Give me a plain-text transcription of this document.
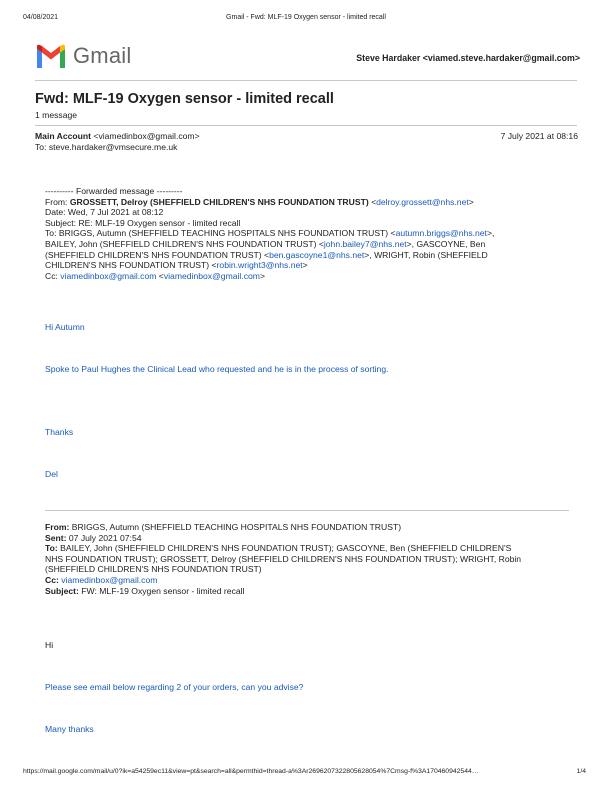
04/08/2021	Gmail - Fwd: MLF-19 Oxygen sensor - limited recall
Gmail	Steve Hardaker <viamed.steve.hardaker@gmail.com>
Fwd: MLF-19 Oxygen sensor - limited recall
1 message
Main Account <viamedinbox@gmail.com>	7 July 2021 at 08:16
To: steve.hardaker@vmsecure.me.uk
---------- Forwarded message ---------
From: GROSSETT, Delroy (SHEFFIELD CHILDREN'S NHS FOUNDATION TRUST) <delroy.grossett@nhs.net>
Date: Wed, 7 Jul 2021 at 08:12
Subject: RE: MLF-19 Oxygen sensor - limited recall
To: BRIGGS, Autumn (SHEFFIELD TEACHING HOSPITALS NHS FOUNDATION TRUST) <autumn.briggs@nhs.net>,
BAILEY, John (SHEFFIELD CHILDREN'S NHS FOUNDATION TRUST) <john.bailey7@nhs.net>, GASCOYNE, Ben
(SHEFFIELD CHILDREN'S NHS FOUNDATION TRUST) <ben.gascoyne1@nhs.net>, WRIGHT, Robin (SHEFFIELD
CHILDREN'S NHS FOUNDATION TRUST) <robin.wright3@nhs.net>
Cc: viamedinbox@gmail.com <viamedinbox@gmail.com>
Hi Autumn
Spoke to Paul Hughes the Clinical Lead who requested and he is in the process of sorting.
Thanks
Del
From: BRIGGS, Autumn (SHEFFIELD TEACHING HOSPITALS NHS FOUNDATION TRUST)
Sent: 07 July 2021 07:54
To: BAILEY, John (SHEFFIELD CHILDREN'S NHS FOUNDATION TRUST); GASCOYNE, Ben (SHEFFIELD CHILDREN'S
NHS FOUNDATION TRUST); GROSSETT, Delroy (SHEFFIELD CHILDREN'S NHS FOUNDATION TRUST); WRIGHT, Robin
(SHEFFIELD CHILDREN'S NHS FOUNDATION TRUST)
Cc: viamedinbox@gmail.com
Subject: FW: MLF-19 Oxygen sensor - limited recall
Hi
Please see email below regarding 2 of your orders, can you advise?
Many thanks
https://mail.google.com/mail/u/0?ik=a54259ec11&view=pt&search=all&permthid=thread-a%3Ar2696207322805628054%7Cmsg-f%3A170460942544…	1/4
